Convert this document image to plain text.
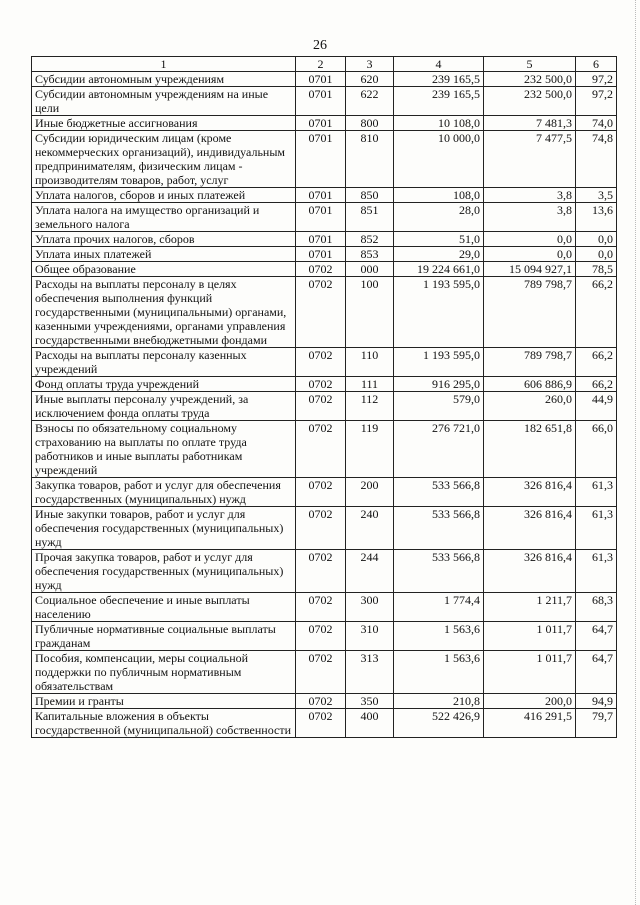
26
1	2	3	4	5	6
Субсидии автономным учреждениям	0701	620	239 165,5	232 500,0	97,2
Субсидии автономным учреждениям на иные цели	0701	622	239 165,5	232 500,0	97,2
Иные бюджетные ассигнования	0701	800	10 108,0	7 481,3	74,0
Субсидии юридическим лицам (кроме некоммерческих организаций), индивидуальным предпринимателям, физическим лицам - производителям товаров, работ, услуг	0701	810	10 000,0	7 477,5	74,8
Уплата налогов, сборов и иных платежей	0701	850	108,0	3,8	3,5
Уплата налога на имущество организаций и земельного налога	0701	851	28,0	3,8	13,6
Уплата прочих налогов, сборов	0701	852	51,0	0,0	0,0
Уплата иных платежей	0701	853	29,0	0,0	0,0
Общее образование	0702	000	19 224 661,0	15 094 927,1	78,5
Расходы на выплаты персоналу в целях обеспечения выполнения функций государственными (муниципальными) органами, казенными учреждениями, органами управления государственными внебюджетными фондами	0702	100	1 193 595,0	789 798,7	66,2
Расходы на выплаты персоналу казенных учреждений	0702	110	1 193 595,0	789 798,7	66,2
Фонд оплаты труда учреждений	0702	111	916 295,0	606 886,9	66,2
Иные выплаты персоналу учреждений, за исключением фонда оплаты труда	0702	112	579,0	260,0	44,9
Взносы по обязательному социальному страхованию на выплаты по оплате труда работников и иные выплаты работникам учреждений	0702	119	276 721,0	182 651,8	66,0
Закупка товаров, работ и услуг для обеспечения государственных (муниципальных) нужд	0702	200	533 566,8	326 816,4	61,3
Иные закупки товаров, работ и услуг для обеспечения государственных (муниципальных) нужд	0702	240	533 566,8	326 816,4	61,3
Прочая закупка товаров, работ и услуг для обеспечения государственных (муниципальных) нужд	0702	244	533 566,8	326 816,4	61,3
Социальное обеспечение и иные выплаты населению	0702	300	1 774,4	1 211,7	68,3
Публичные нормативные социальные выплаты гражданам	0702	310	1 563,6	1 011,7	64,7
Пособия, компенсации, меры социальной поддержки по публичным нормативным обязательствам	0702	313	1 563,6	1 011,7	64,7
Премии и гранты	0702	350	210,8	200,0	94,9
Капитальные вложения в объекты государственной (муниципальной) собственности	0702	400	522 426,9	416 291,5	79,7
